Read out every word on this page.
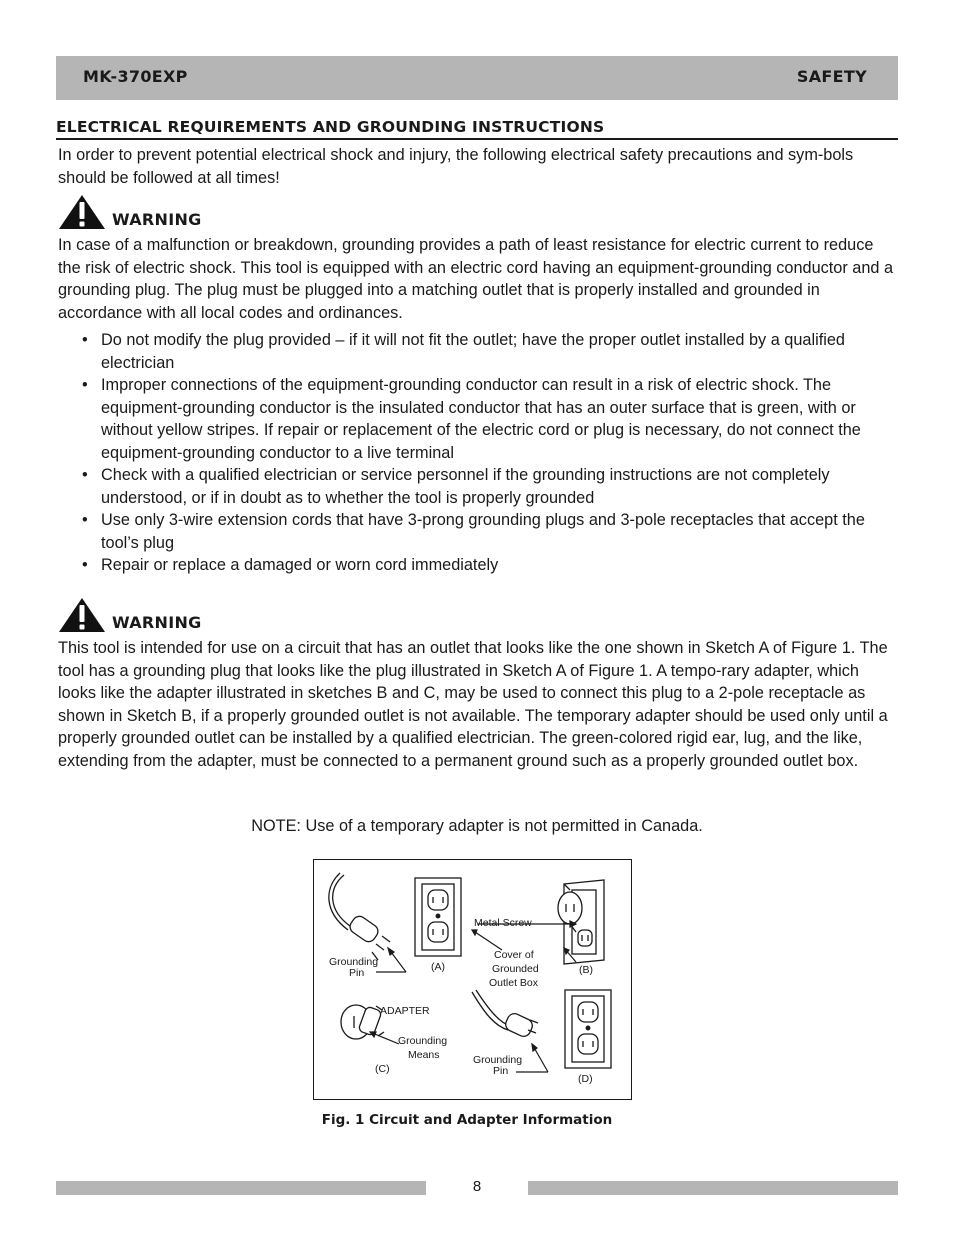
MK-370EXP	SAFETY
ELECTRICAL REQUIREMENTS AND GROUNDING INSTRUCTIONS

In order to prevent potential electrical shock and injury, the following electrical safety precautions and sym-bols should be followed at all times!

WARNING

In case of a malfunction or breakdown, grounding provides a path of least resistance for electric current to reduce the risk of electric shock. This tool is equipped with an electric cord having an equipment-grounding conductor and a grounding plug. The plug must be plugged into a matching outlet that is properly installed and grounded in accordance with all local codes and ordinances.

• Do not modify the plug provided – if it will not fit the outlet; have the proper outlet installed by a qualified electrician
• Improper connections of the equipment-grounding conductor can result in a risk of electric shock. The equipment-grounding conductor is the insulated conductor that has an outer surface that is green, with or without yellow stripes. If repair or replacement of the electric cord or plug is necessary, do not connect the equipment-grounding conductor to a live terminal
• Check with a qualified electrician or service personnel if the grounding instructions are not completely understood, or if in doubt as to whether the tool is properly grounded
• Use only 3-wire extension cords that have 3-prong grounding plugs and 3-pole receptacles that accept the tool’s plug
• Repair or replace a damaged or worn cord immediately
WARNING

This tool is intended for use on a circuit that has an outlet that looks like the one shown in Sketch A of Figure 1. The tool has a grounding plug that looks like the plug illustrated in Sketch A of Figure 1. A tempo-rary adapter, which looks like the adapter illustrated in sketches B and C, may be used to connect this plug to a 2-pole receptacle as shown in Sketch B, if a properly grounded outlet is not available. The temporary adapter should be used only until a properly grounded outlet can be installed by a qualified electrician. The green-colored rigid ear, lug, and the like, extending from the adapter, must be connected to a permanent ground such as a properly grounded outlet box.

NOTE: Use of a temporary adapter is not permitted in Canada.
Grounding
Pin	(A)
Metal Screw
Cover of
Grounded
Outlet Box
(B)
ADAPTER
Grounding
Means
(C)
Grounding
Pin
(D)
Fig. 1 Circuit and Adapter Information
8
